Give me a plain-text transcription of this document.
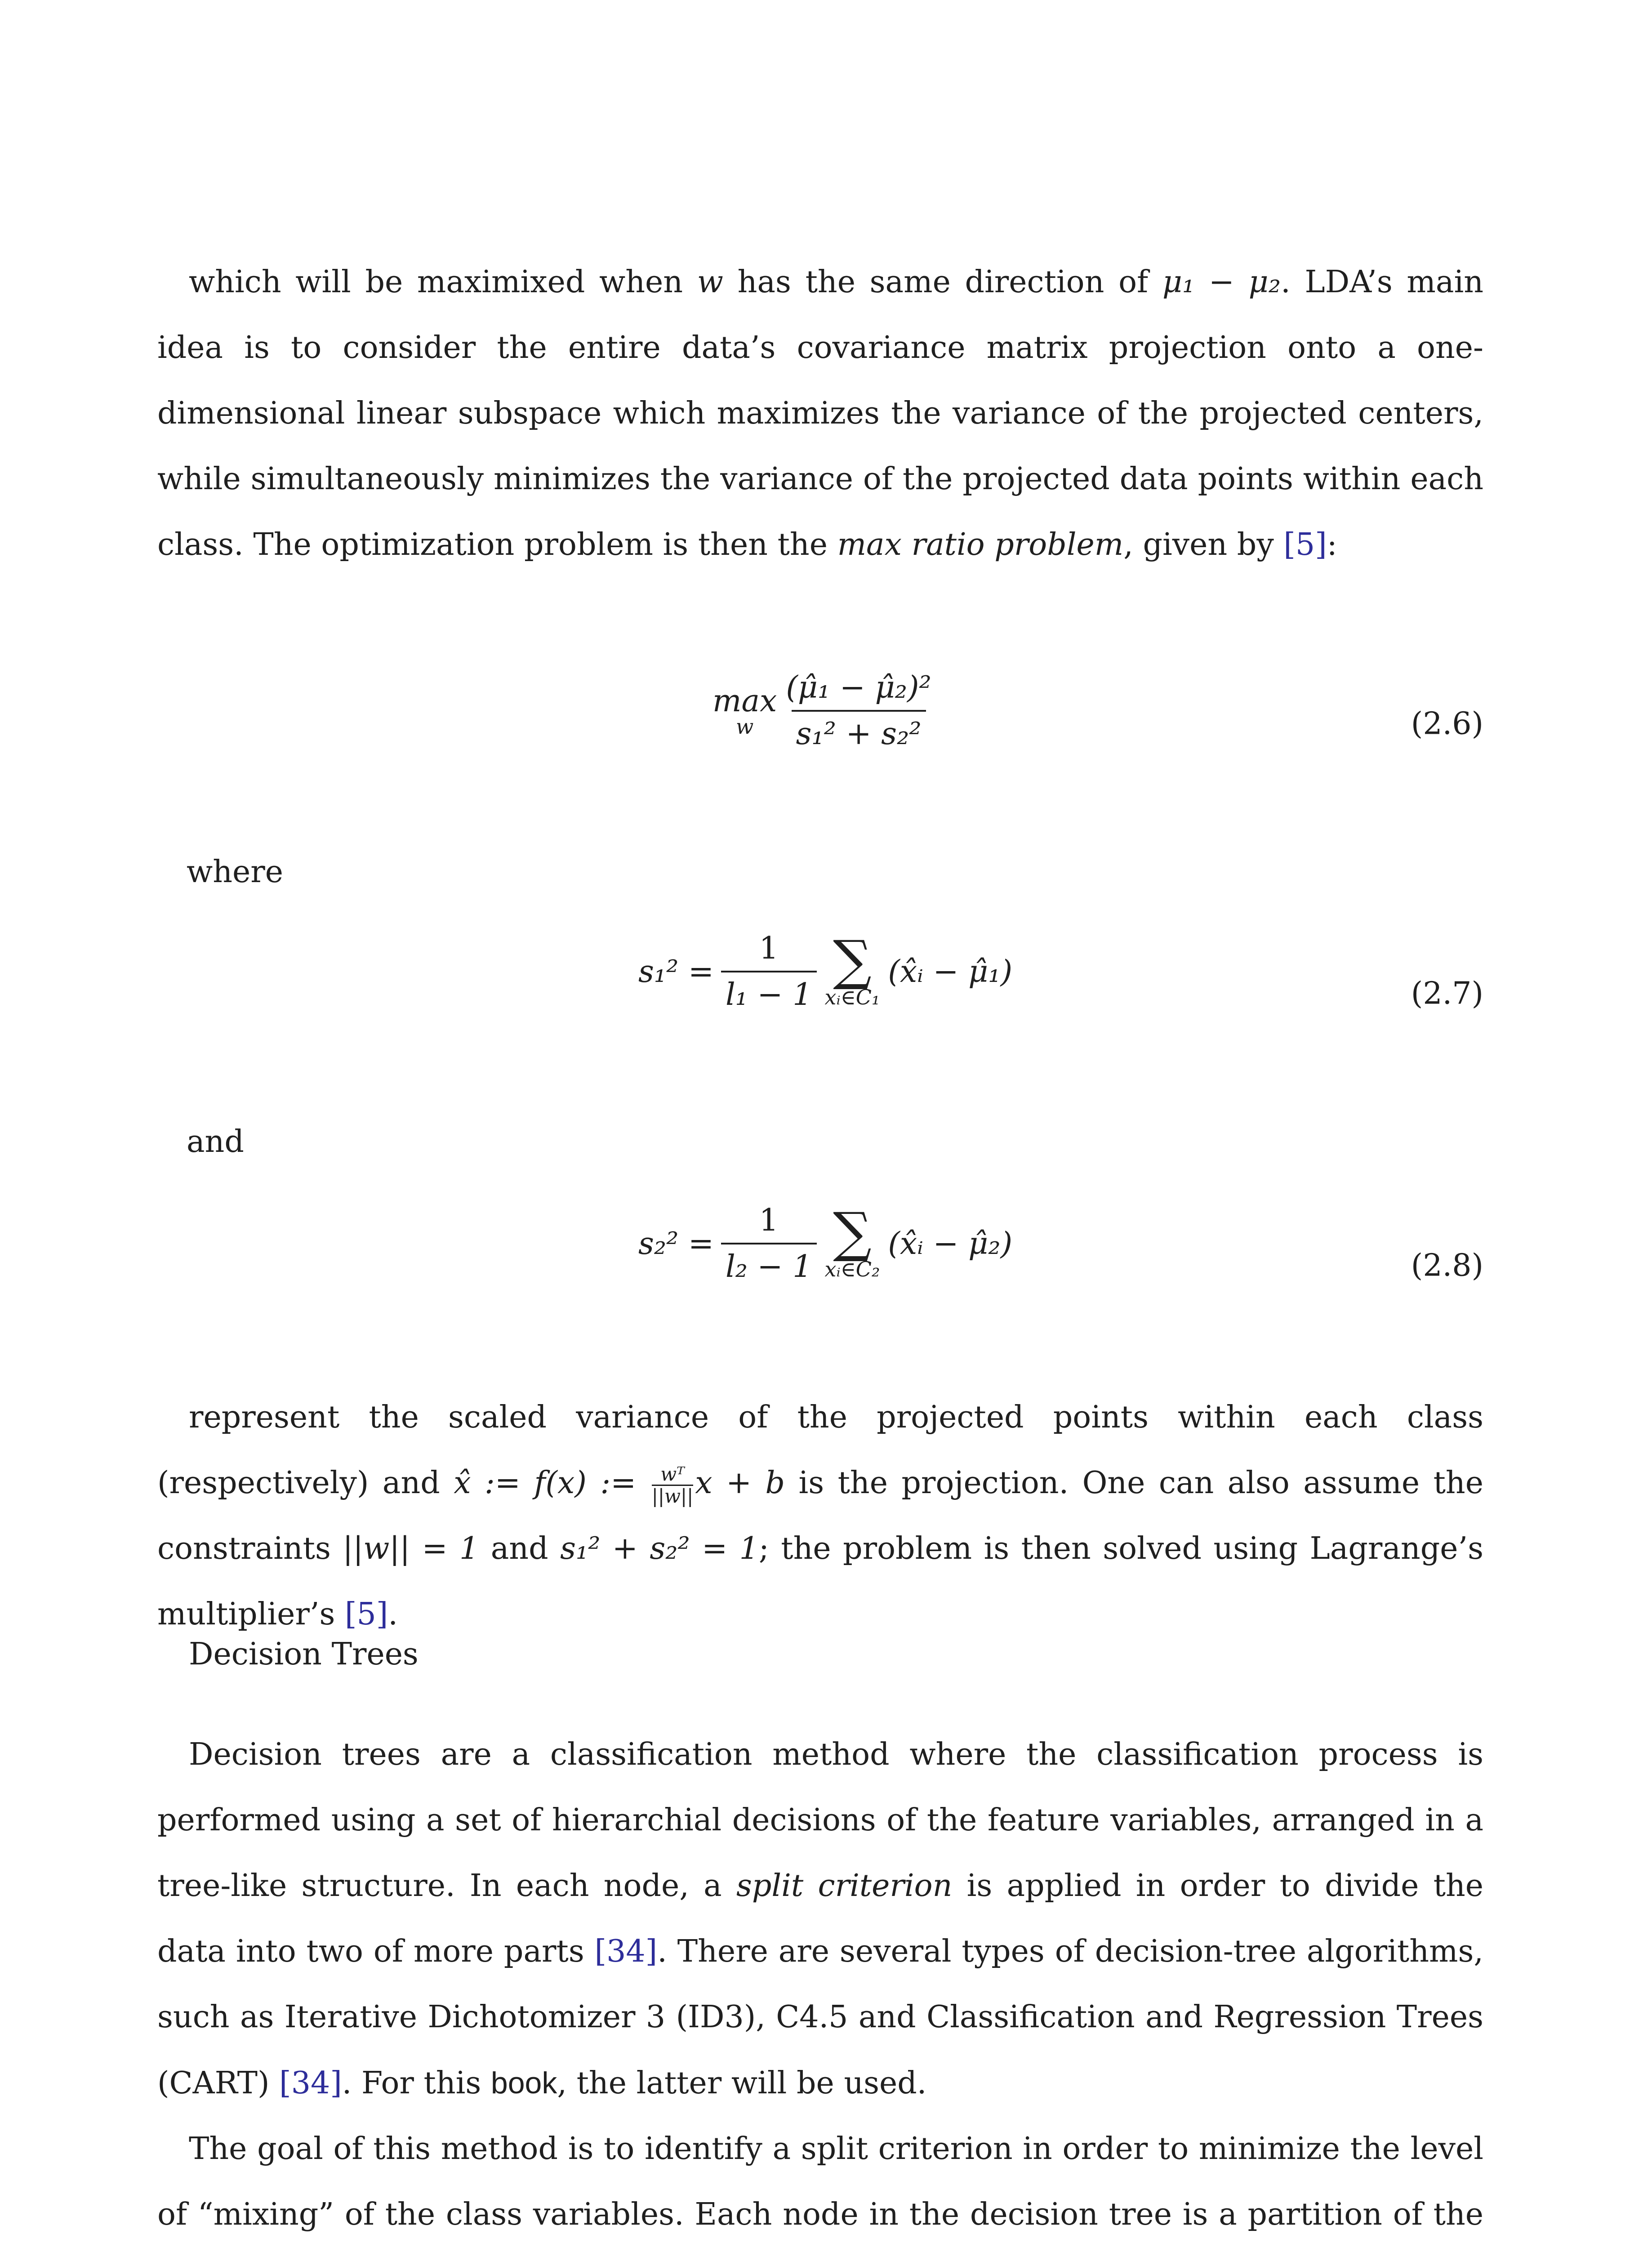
which will be maximixed when w has the same direction of μ₁ − μ₂. LDA’s main idea is to consider the entire data’s covariance matrix projection onto a one-dimensional linear subspace which maximizes the variance of the projected centers, while simultaneously minimizes the variance of the projected data points within each class. The optimization problem is then the max ratio problem, given by [5]:
max
w $\frac{\text{(μ̂₁ − μ̂₂)²}}{\text{s₁² + s₂²}}$	(2.6)
where
$s_1^2 = \frac{1}{\text{l₁ − 1}}$ ∑
xᵢ∈C₁
(x̂ᵢ − μ̂₁)
(2.7)
and
$s_2^2 = \frac{1}{\text{l₂ − 1}}$ ∑
xᵢ∈C₂
(x̂ᵢ − μ̂₂)
(2.8)
represent the scaled variance of the projected points within each class (respectively) and x̂ := f(x) := $\frac{\text{wᵀ}}{||w||}$ x + b is the projection. One can also assume the constraints ||w|| = 1 and s₁² + s₂² = 1; the problem is then solved using Lagrange’s multiplier’s [5].
Decision Trees
Decision trees are a classification method where the classification process is performed using a set of hierarchial decisions of the feature variables, arranged in a tree-like structure. In each node, a split criterion is applied in order to divide the data into two of more parts [34]. There are several types of decision-tree algorithms, such as Iterative Dichotomizer 3 (ID3), C4.5 and Classification and Regression Trees (CART) [34]. For this book, the latter will be used.
The goal of this method is to identify a split criterion in order to minimize the level of “mixing” of the class variables. Each node in the decision tree is a partition of the
